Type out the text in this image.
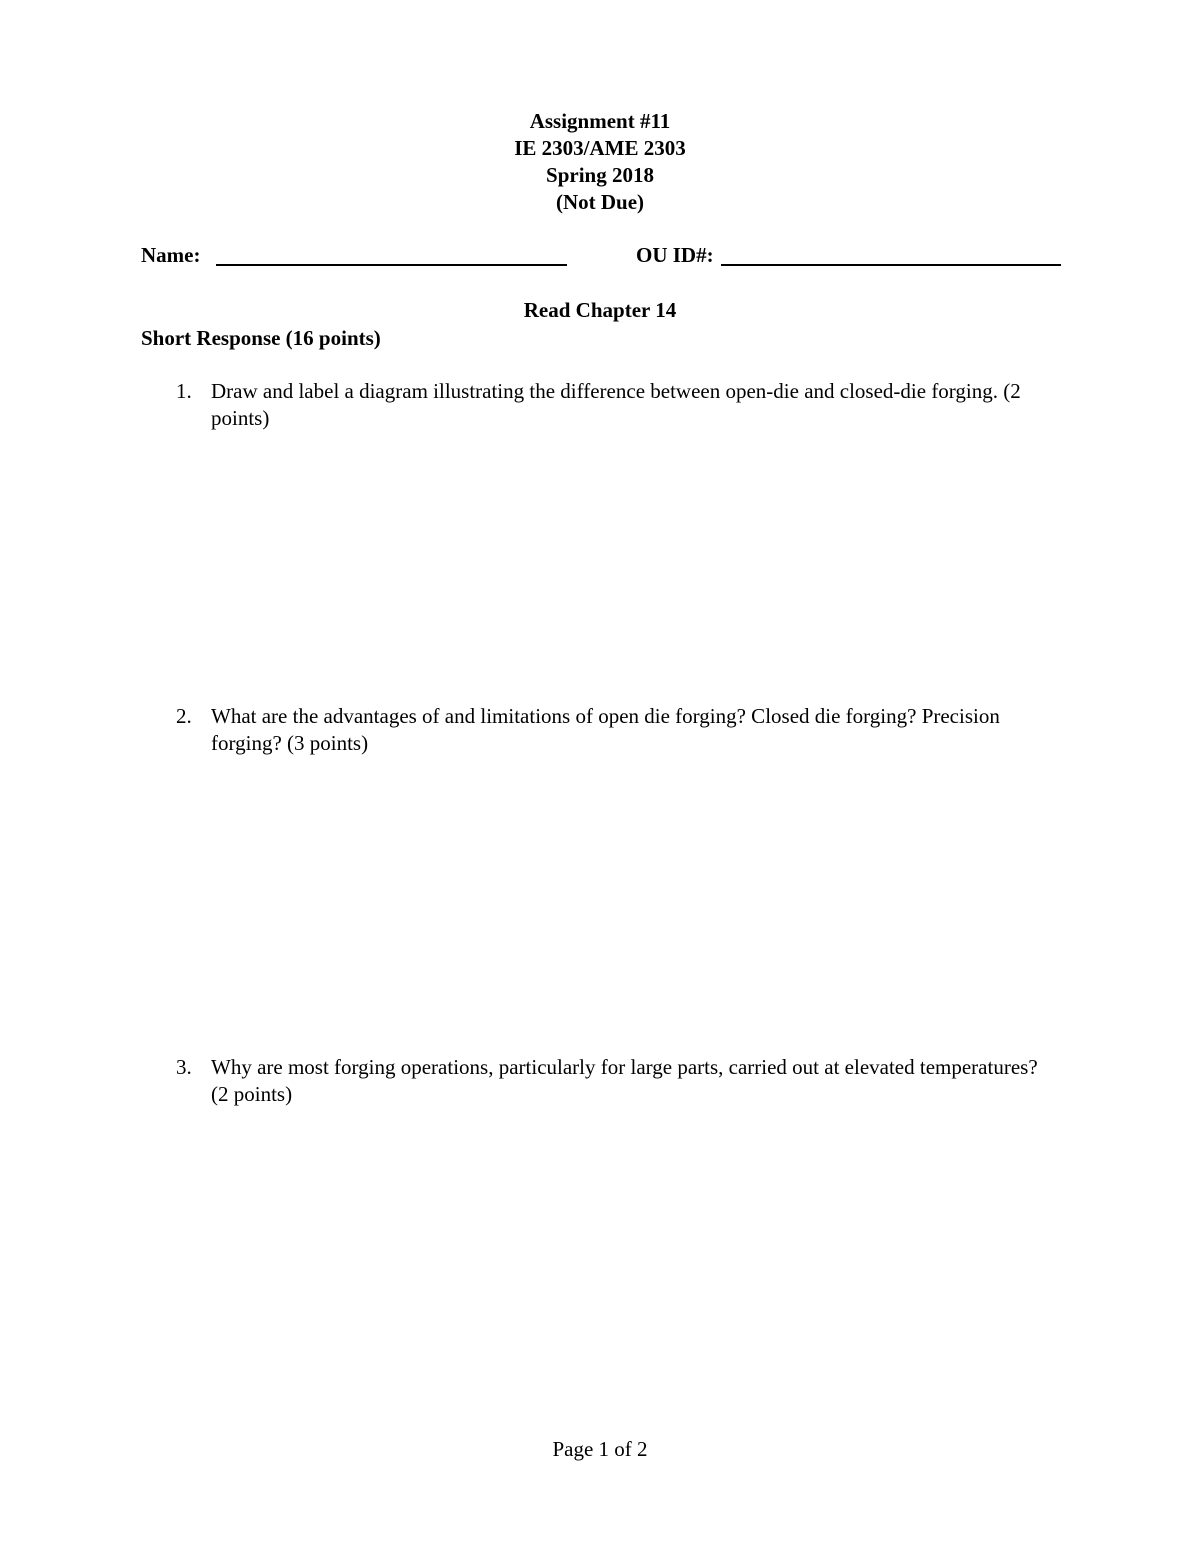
Assignment #11
IE 2303/AME 2303
Spring 2018
(Not Due)
Name:	OU ID#:
Read Chapter 14
Short Response (16 points)
1. Draw and label a diagram illustrating the difference between open-die and closed-die forging. (2 points)
2. What are the advantages of and limitations of open die forging? Closed die forging? Precision forging? (3 points)
3. Why are most forging operations, particularly for large parts, carried out at elevated temperatures? (2 points)
Page 1 of 2
